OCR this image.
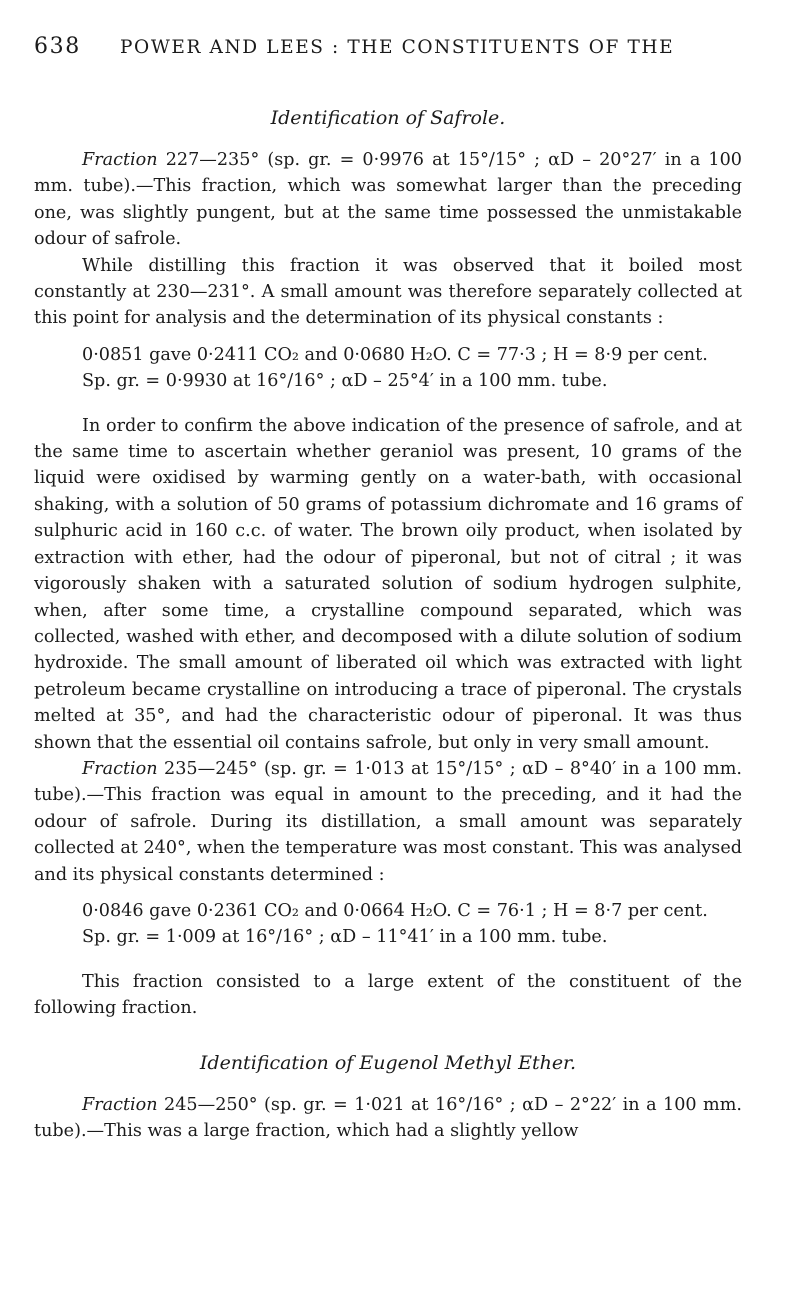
638	POWER AND LEES : THE CONSTITUENTS OF THE
Identification of Safrole.

Fraction 227—235° (sp. gr. = 0·9976 at 15°/15° ; αD – 20°27′ in a 100 mm. tube).—This fraction, which was somewhat larger than the preceding one, was slightly pungent, but at the same time possessed the unmistakable odour of safrole.

While distilling this fraction it was observed that it boiled most constantly at 230—231°. A small amount was therefore separately collected at this point for analysis and the determination of its physical constants :

0·0851 gave 0·2411 CO₂ and 0·0680 H₂O. C = 77·3 ; H = 8·9 per cent.
Sp. gr. = 0·9930 at 16°/16° ; αD – 25°4′ in a 100 mm. tube.

In order to confirm the above indication of the presence of safrole, and at the same time to ascertain whether geraniol was present, 10 grams of the liquid were oxidised by warming gently on a water-bath, with occasional shaking, with a solution of 50 grams of potassium dichromate and 16 grams of sulphuric acid in 160 c.c. of water. The brown oily product, when isolated by extraction with ether, had the odour of piperonal, but not of citral ; it was vigorously shaken with a saturated solution of sodium hydrogen sulphite, when, after some time, a crystalline compound separated, which was collected, washed with ether, and decomposed with a dilute solution of sodium hydroxide. The small amount of liberated oil which was extracted with light petroleum became crystalline on introducing a trace of piperonal. The crystals melted at 35°, and had the characteristic odour of piperonal. It was thus shown that the essential oil contains safrole, but only in very small amount.

Fraction 235—245° (sp. gr. = 1·013 at 15°/15° ; αD – 8°40′ in a 100 mm. tube).—This fraction was equal in amount to the preceding, and it had the odour of safrole. During its distillation, a small amount was separately collected at 240°, when the temperature was most constant. This was analysed and its physical constants determined :

0·0846 gave 0·2361 CO₂ and 0·0664 H₂O. C = 76·1 ; H = 8·7 per cent.
Sp. gr. = 1·009 at 16°/16° ; αD – 11°41′ in a 100 mm. tube.

This fraction consisted to a large extent of the constituent of the following fraction.

Identification of Eugenol Methyl Ether.

Fraction 245—250° (sp. gr. = 1·021 at 16°/16° ; αD – 2°22′ in a 100 mm. tube).—This was a large fraction, which had a slightly yellow
